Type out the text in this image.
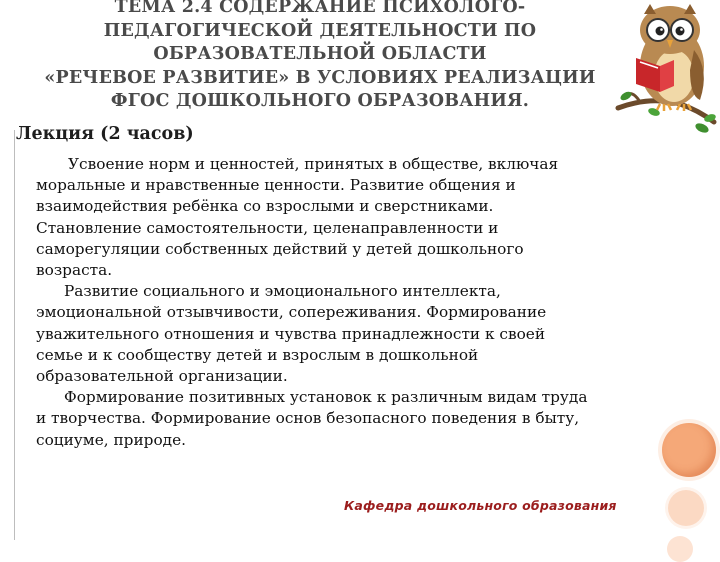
ТЕМА 2.4 СОДЕРЖАНИЕ ПСИХОЛОГО-
ПЕДАГОГИЧЕСКОЙ ДЕЯТЕЛЬНОСТИ ПО
ОБРАЗОВАТЕЛЬНОЙ ОБЛАСТИ
«РЕЧЕВОЕ РАЗВИТИЕ» В УСЛОВИЯХ РЕАЛИЗАЦИИ
ФГОС ДОШКОЛЬНОГО ОБРАЗОВАНИЯ.
Лекция (2 часов)
Усвоение норм и ценностей, принятых в обществе, включая
моральные и нравственные ценности. Развитие общения и
взаимодействия ребёнка со взрослыми и сверстниками.
Становление самостоятельности, целенаправленности и
саморегуляции собственных действий у детей дошкольного
возраста.
Развитие социального и эмоционального интеллекта,
эмоциональной отзывчивости, сопереживания. Формирование
уважительного отношения и чувства принадлежности к своей
семье и к сообществу детей и взрослым в дошкольной
образовательной организации.
Формирование позитивных установок к различным видам труда
и творчества. Формирование основ безопасного поведения в быту,
социуме, природе.
Кафедра дошкольного образования
